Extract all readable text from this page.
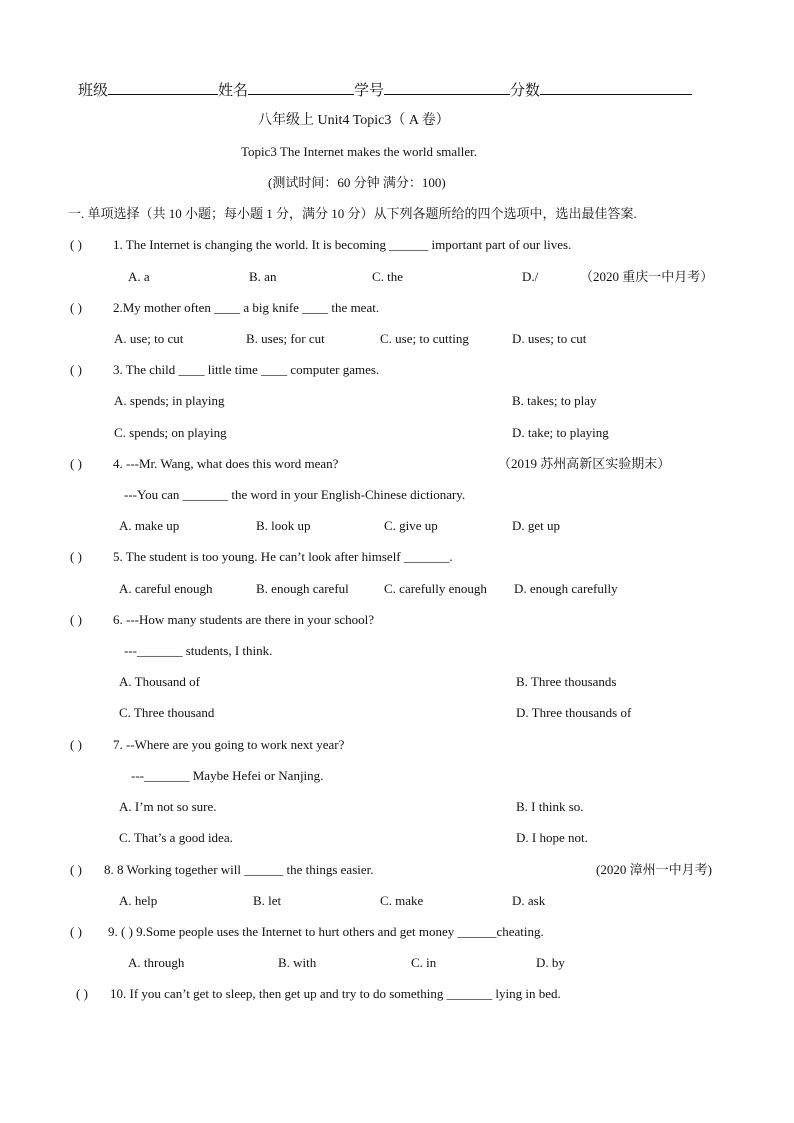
班级	姓名	学号	分数
八年级上 Unit4 Topic3（ A 卷）
Topic3 The Internet makes the world smaller.
(测试时间：60 分钟 满分：100)
一. 单项选择（共 10 小题；每小题 1 分，满分 10 分）从下列各题所给的四个选项中，选出最佳答案.
( ) 1. The Internet is changing the world. It is becoming ______ important part of our lives.
A. a	B. an	C. the	D./	（2020 重庆一中月考）
( ) 2.My mother often ____ a big knife ____ the meat.
A. use; to cut	B. uses; for cut	C. use; to cutting	D. uses; to cut
( ) 3. The child ____ little time ____ computer games.
A. spends; in playing	B. takes; to play
C. spends; on playing	D. take; to playing
( ) 4. ---Mr. Wang, what does this word mean?	（2019 苏州高新区实验期末）
---You can _______ the word in your English-Chinese dictionary.
A. make up	B. look up	C. give up	D. get up
( ) 5. The student is too young. He can’t look after himself _______.
A. careful enough	B. enough careful	C. carefully enough D. enough carefully
( ) 6. ---How many students are there in your school?
---_______ students, I think.
A. Thousand of	B. Three thousands
C. Three thousand	D. Three thousands of
( ) 7. --Where are you going to work next year?
---_______ Maybe Hefei or Nanjing.
A. I’m not so sure.	B. I think so.
C. That’s a good idea.	D. I hope not.
( ) 8. 8 Working together will ______ the things easier.	(2020 漳州一中月考)
A. help	B. let	C. make	D. ask
( ) 9. ( ) 9.Some people uses the Internet to hurt others and get money ______cheating.
A. through	B. with	C. in	D. by
( ) 10. If you can’t get to sleep, then get up and try to do something _______ lying in bed.
